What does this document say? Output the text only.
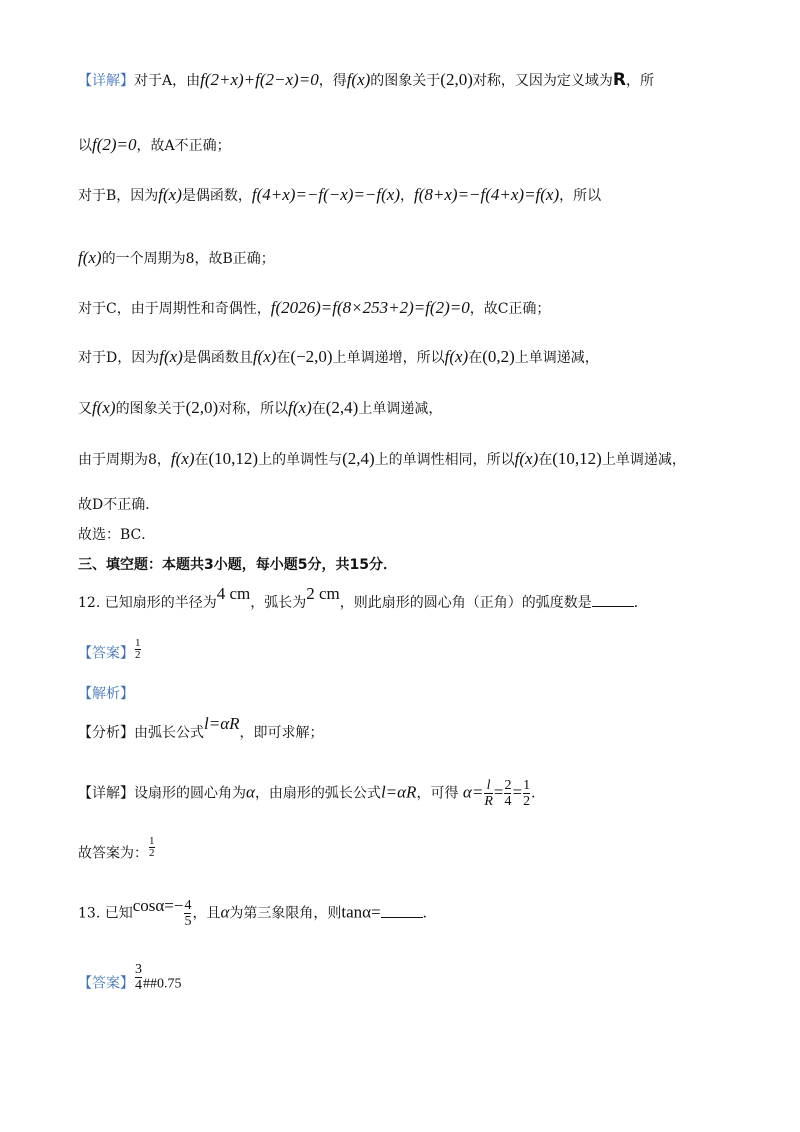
【详解】对于A，由f(2+x)+f(2−x)=0，得f(x)的图象关于(2,0)对称，又因为定义域为R，所
以f(2)=0，故A不正确；
对于B，因为f(x)是偶函数，f(4+x)=−f(−x)=−f(x)，f(8+x)=−f(4+x)=f(x)，所以
f(x)的一个周期为8，故B正确；
对于C，由于周期性和奇偶性，f(2026)=f(8×253+2)=f(2)=0，故C正确；
对于D，因为f(x)是偶函数且f(x)在(−2,0)上单调递增，所以f(x)在(0,2)上单调递减，
又f(x)的图象关于(2,0)对称，所以f(x)在(2,4)上单调递减，
由于周期为8，f(x)在(10,12)上的单调性与(2,4)上的单调性相同，所以f(x)在(10,12)上单调递减，
故D不正确．
故选：BC．
三、填空题：本题共3小题，每小题5分，共15分．
12. 已知扇形的半径为4 cm，弧长为2 cm，则此扇形的圆心角（正角）的弧度数是	．
【答案】 $\frac{1}{2}$
【解析】
【分析】由弧长公式l=αR，即可求解；
【详解】设扇形的圆心角为α，由扇形的弧长公式l=αR，可得 $\alpha= \frac{l}{R} = \frac{2}{4} = \frac{1}{2}$ ．
故答案为： $\frac{1}{2}$
13. 已知$\cos\alpha=- \frac{4}{5}$ ，且α为第三象限角，则tanα=	．
【答案】 $\frac{3}{4}$ ##0.75
